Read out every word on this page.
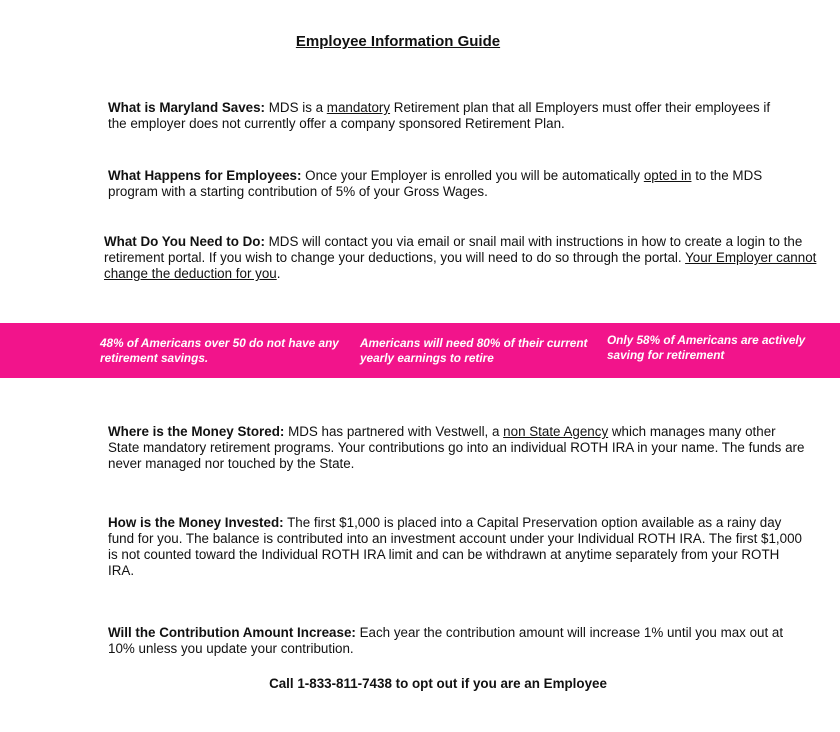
Employee Information Guide
What is Maryland Saves: MDS is a mandatory Retirement plan that all Employers must offer their employees if the employer does not currently offer a company sponsored Retirement Plan.
What Happens for Employees: Once your Employer is enrolled you will be automatically opted in to the MDS program with a starting contribution of 5% of your Gross Wages.
What Do You Need to Do: MDS will contact you via email or snail mail with instructions in how to create a login to the retirement portal. If you wish to change your deductions, you will need to do so through the portal. Your Employer cannot change the deduction for you.
48% of Americans over 50 do not have any retirement savings.
Americans will need 80% of their current yearly earnings to retire
Only 58% of Americans are actively saving for retirement
Where is the Money Stored: MDS has partnered with Vestwell, a non State Agency which manages many other State mandatory retirement programs. Your contributions go into an individual ROTH IRA in your name. The funds are never managed nor touched by the State.
How is the Money Invested: The first $1,000 is placed into a Capital Preservation option available as a rainy day fund for you. The balance is contributed into an investment account under your Individual ROTH IRA. The first $1,000 is not counted toward the Individual ROTH IRA limit and can be withdrawn at anytime separately from your ROTH IRA.
Will the Contribution Amount Increase: Each year the contribution amount will increase 1% until you max out at 10% unless you update your contribution.
Call 1-833-811-7438 to opt out if you are an Employee
